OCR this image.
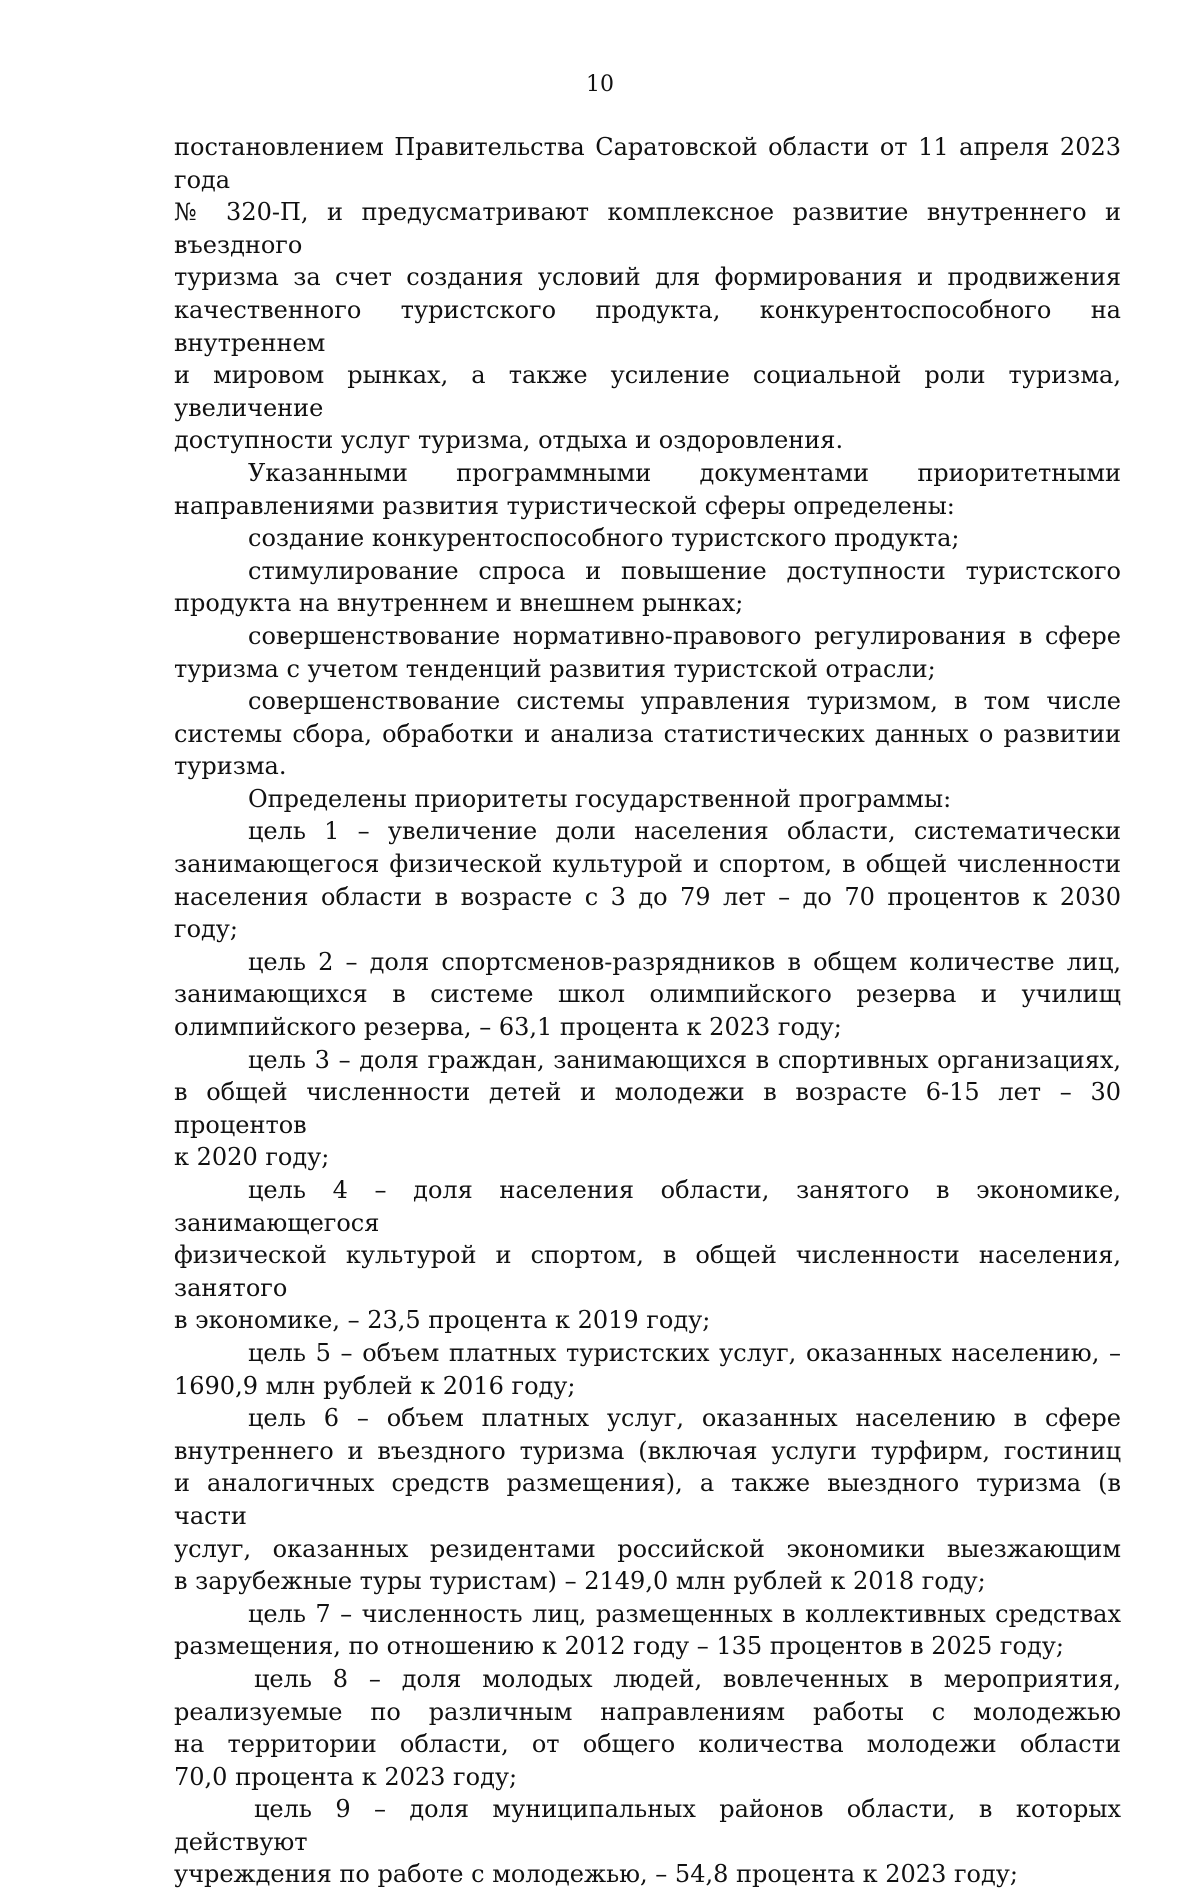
10

постановлением Правительства Саратовской области от 11 апреля 2023 года

№ 320-П, и предусматривают комплексное развитие внутреннего и въездного

туризма за счет создания условий для формирования и продвижения

качественного туристского продукта, конкурентоспособного на внутреннем

и мировом рынках, а также усиление социальной роли туризма, увеличение

доступности услуг туризма, отдыха и оздоровления.

Указанными программными документами приоритетными

направлениями развития туристической сферы определены:

создание конкурентоспособного туристского продукта;

стимулирование спроса и повышение доступности туристского

продукта на внутреннем и внешнем рынках;

совершенствование нормативно-правового регулирования в сфере

туризма с учетом тенденций развития туристской отрасли;

совершенствование системы управления туризмом, в том числе

системы сбора, обработки и анализа статистических данных о развитии

туризма.

Определены приоритеты государственной программы:

цель 1 – увеличение доли населения области, систематически

занимающегося физической культурой и спортом, в общей численности

населения области в возрасте с 3 до 79 лет – до 70 процентов к 2030 году;

цель 2 – доля спортсменов-разрядников в общем количестве лиц,

занимающихся в системе школ олимпийского резерва и училищ

олимпийского резерва, – 63,1 процента к 2023 году;

цель 3 – доля граждан, занимающихся в спортивных организациях,

в общей численности детей и молодежи в возрасте 6-15 лет – 30 процентов

к 2020 году;

цель 4 – доля населения области, занятого в экономике, занимающегося

физической культурой и спортом, в общей численности населения, занятого

в экономике, – 23,5 процента к 2019 году;

цель 5 – объем платных туристских услуг, оказанных населению, –

1690,9 млн рублей к 2016 году;

цель 6 – объем платных услуг, оказанных населению в сфере

внутреннего и въездного туризма (включая услуги турфирм, гостиниц

и аналогичных средств размещения), а также выездного туризма (в части

услуг, оказанных резидентами российской экономики выезжающим

в зарубежные туры туристам) – 2149,0 млн рублей к 2018 году;

цель 7 – численность лиц, размещенных в коллективных средствах

размещения, по отношению к 2012 году – 135 процентов в 2025 году;

цель 8 – доля молодых людей, вовлеченных в мероприятия,

реализуемые по различным направлениям работы с молодежью

на территории области, от общего количества молодежи области

70,0 процента к 2023 году;

цель 9 – доля муниципальных районов области, в которых действуют

учреждения по работе с молодежью, – 54,8 процента к 2023 году;
